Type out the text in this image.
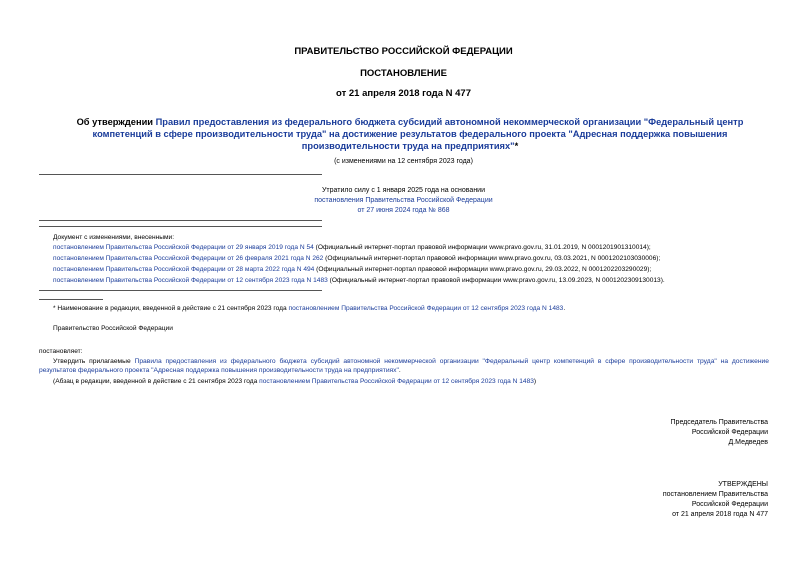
ПРАВИТЕЛЬСТВО РОССИЙСКОЙ ФЕДЕРАЦИИ
ПОСТАНОВЛЕНИЕ
от 21 апреля 2018 года N 477
Об утверждении Правил предоставления из федерального бюджета субсидий автономной некоммерческой организации "Федеральный центр компетенций в сфере производительности труда" на достижение результатов федерального проекта "Адресная поддержка повышения производительности труда на предприятиях"*
(с изменениями на 12 сентября 2023 года)
Утратило силу с 1 января 2025 года на основании
постановления Правительства Российской Федерации
от 27 июня 2024 года № 868
Документ с изменениями, внесенными:
постановлением Правительства Российской Федерации от 29 января 2019 года N 54 (Официальный интернет-портал правовой информации www.pravo.gov.ru, 31.01.2019, N 0001201901310014);
постановлением Правительства Российской Федерации от 26 февраля 2021 года N 262 (Официальный интернет-портал правовой информации www.pravo.gov.ru, 03.03.2021, N 0001202103030006);
постановлением Правительства Российской Федерации от 28 марта 2022 года N 494 (Официальный интернет-портал правовой информации www.pravo.gov.ru, 29.03.2022, N 0001202203290029);
постановлением Правительства Российской Федерации от 12 сентября 2023 года N 1483 (Официальный интернет-портал правовой информации www.pravo.gov.ru, 13.09.2023, N 0001202309130013).
* Наименование в редакции, введенной в действие с 21 сентября 2023 года постановлением Правительства Российской Федерации от 12 сентября 2023 года N 1483.
Правительство Российской Федерации
постановляет:
Утвердить прилагаемые Правила предоставления из федерального бюджета субсидий автономной некоммерческой организации "Федеральный центр компетенций в сфере производительности труда" на достижение результатов федерального проекта "Адресная поддержка повышения производительности труда на предприятиях".
(Абзац в редакции, введенной в действие с 21 сентября 2023 года постановлением Правительства Российской Федерации от 12 сентября 2023 года N 1483)
Председатель Правительства
Российской Федерации
Д.Медведев
УТВЕРЖДЕНЫ
постановлением Правительства
Российской Федерации
от 21 апреля 2018 года N 477
